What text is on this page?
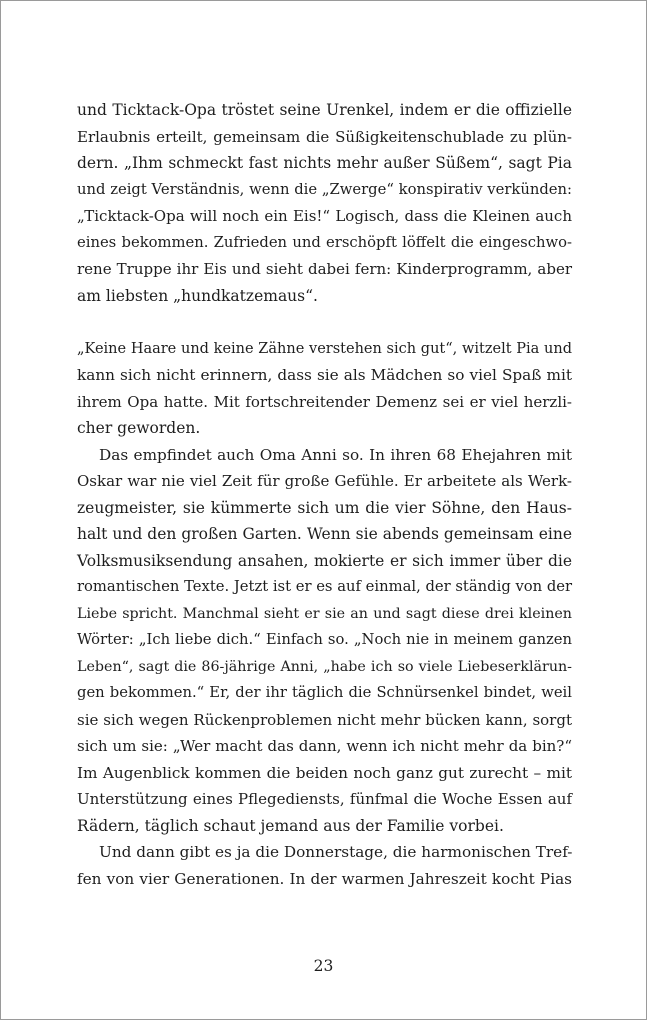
und Ticktack-Opa tröstet seine Urenkel, indem er die offizielle
Erlaubnis erteilt, gemeinsam die Süßigkeitenschublade zu plün-
dern. „Ihm schmeckt fast nichts mehr außer Süßem“, sagt Pia
und zeigt Verständnis, wenn die „Zwerge“ konspirativ verkünden:
„Ticktack-Opa will noch ein Eis!“ Logisch, dass die Kleinen auch
eines bekommen. Zufrieden und erschöpft löffelt die eingeschwo-
rene Truppe ihr Eis und sieht dabei fern: Kinderprogramm, aber
am liebsten „hundkatzemaus“.
„Keine Haare und keine Zähne verstehen sich gut“, witzelt Pia und
kann sich nicht erinnern, dass sie als Mädchen so viel Spaß mit
ihrem Opa hatte. Mit fortschreitender Demenz sei er viel herzli-
cher geworden.
Das empfindet auch Oma Anni so. In ihren 68 Ehejahren mit
Oskar war nie viel Zeit für große Gefühle. Er arbeitete als Werk-
zeugmeister, sie kümmerte sich um die vier Söhne, den Haus-
halt und den großen Garten. Wenn sie abends gemeinsam eine
Volksmusiksendung ansahen, mokierte er sich immer über die
romantischen Texte. Jetzt ist er es auf einmal, der ständig von der
Liebe spricht. Manchmal sieht er sie an und sagt diese drei kleinen
Wörter: „Ich liebe dich.“ Einfach so. „Noch nie in meinem ganzen
Leben“, sagt die 86-jährige Anni, „habe ich so viele Liebeserklärun-
gen bekommen.“ Er, der ihr täglich die Schnürsenkel bindet, weil
sie sich wegen Rückenproblemen nicht mehr bücken kann, sorgt
sich um sie: „Wer macht das dann, wenn ich nicht mehr da bin?“
Im Augenblick kommen die beiden noch ganz gut zurecht – mit
Unterstützung eines Pflegediensts, fünfmal die Woche Essen auf
Rädern, täglich schaut jemand aus der Familie vorbei.
Und dann gibt es ja die Donnerstage, die harmonischen Tref-
fen von vier Generationen. In der warmen Jahreszeit kocht Pias
23
